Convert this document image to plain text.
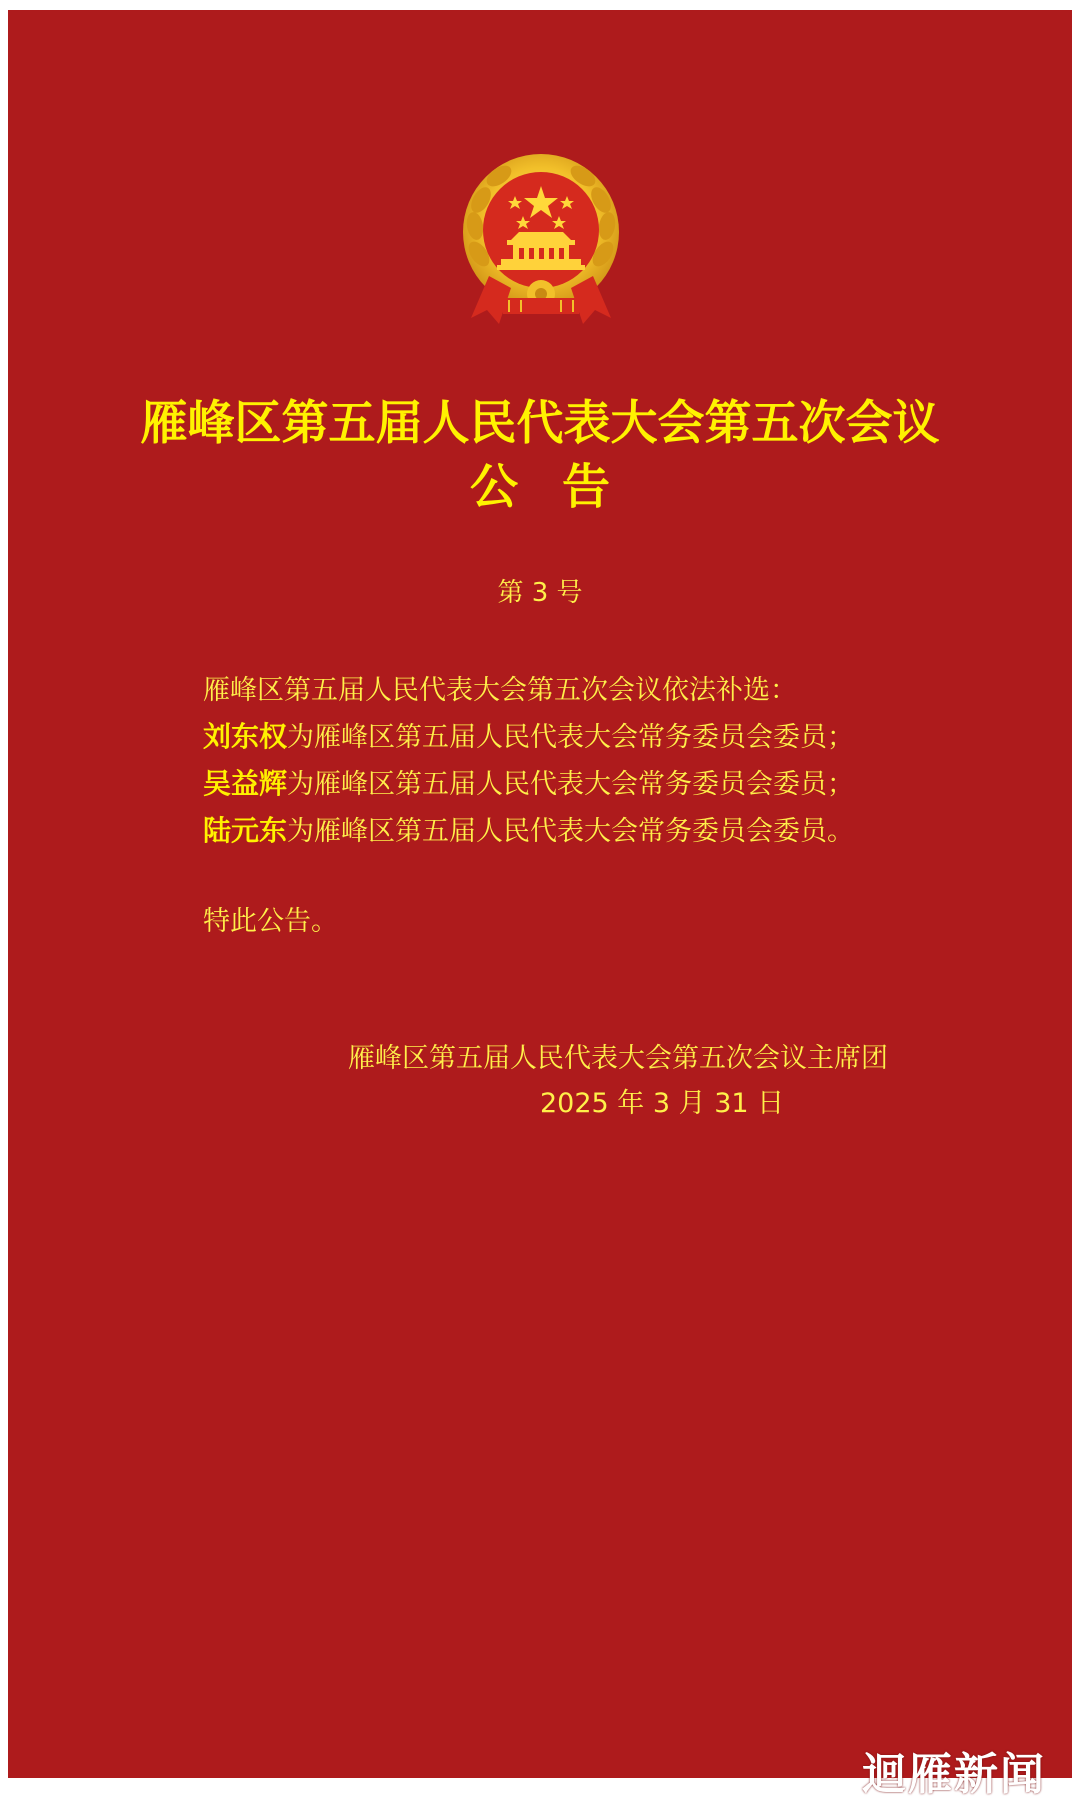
雁峰区第五届人民代表大会第五次会议
公告
第 3 号
雁峰区第五届人民代表大会第五次会议依法补选：
刘东权为雁峰区第五届人民代表大会常务委员会委员；
吴益辉为雁峰区第五届人民代表大会常务委员会委员；
陆元东为雁峰区第五届人民代表大会常务委员会委员。
特此公告。
雁峰区第五届人民代表大会第五次会议主席团
2025 年 3 月 31 日
迴雁新闻
